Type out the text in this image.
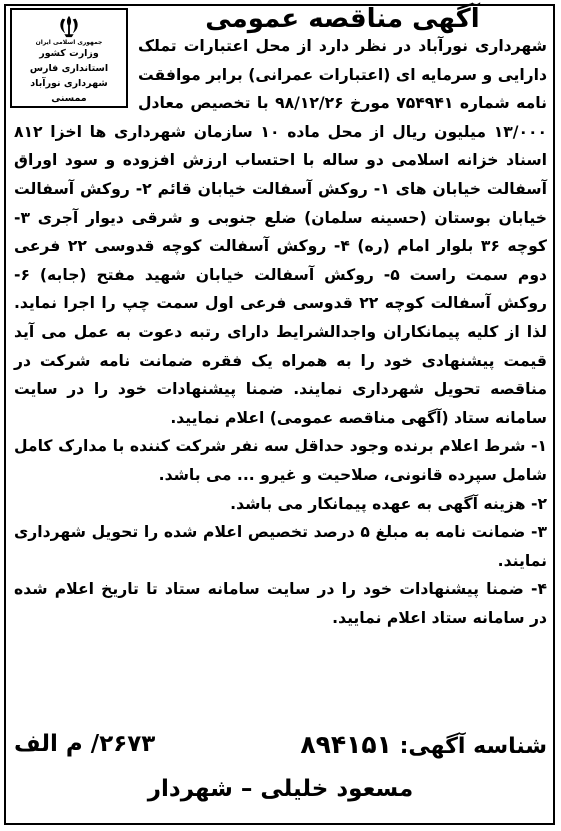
جمهوری اسلامی ایران
وزارت کشور
استانداری فارس
شهرداری نورآباد ممسنی
آگهی مناقصه عمومی

شهرداری نورآباد در نظر دارد از محل اعتبارات تملک دارایی و سرمایه ای (اعتبارات عمرانی) برابر موافقت نامه شماره ۷۵۴۹۴۱ مورخ ۹۸/۱۲/۲۶ با تخصیص معادل ۱۳/۰۰۰ میلیون ریال از محل ماده ۱۰ سازمان شهرداری ها اخزا ۸۱۲ اسناد خزانه اسلامی دو ساله با احتساب ارزش افزوده و سود اوراق آسفالت خیابان های ۱- روکش آسفالت خیابان قائم ۲- روکش آسفالت خیابان بوستان (حسینه سلمان) ضلع جنوبی و شرقی دیوار آجری ۳- کوچه ۳۶ بلوار امام (ره) ۴- روکش آسفالت کوچه قدوسی ۲۲ فرعی دوم سمت راست ۵- روکش آسفالت خیابان شهید مفتح (جابه) ۶- روکش آسفالت کوچه ۲۲ قدوسی فرعی اول سمت چپ را اجرا نماید. لذا از کلیه پیمانکاران واجدالشرایط دارای رتبه دعوت به عمل می آید قیمت پیشنهادی خود را به همراه یک فقره ضمانت نامه شرکت در مناقصه تحویل شهرداری نمایند. ضمنا پیشنهادات خود را در سایت سامانه ستاد (آگهی مناقصه عمومی) اعلام نمایید.

۱- شرط اعلام برنده وجود حداقل سه نفر شرکت کننده با مدارک کامل شامل سپرده قانونی، صلاحیت و غیرو ... می باشد.

۲- هزینه آگهی به عهده پیمانکار می باشد.

۳- ضمانت نامه به مبلغ ۵ درصد تخصیص اعلام شده را تحویل شهرداری نمایند.

۴- ضمنا پیشنهادات خود را در سایت سامانه ستاد تا تاریخ اعلام شده در سامانه ستاد اعلام نمایید.

شناسه آگهی: ۸۹۴۱۵۱
۲۶۷۳/ م الف
مسعود خلیلی – شهردار
